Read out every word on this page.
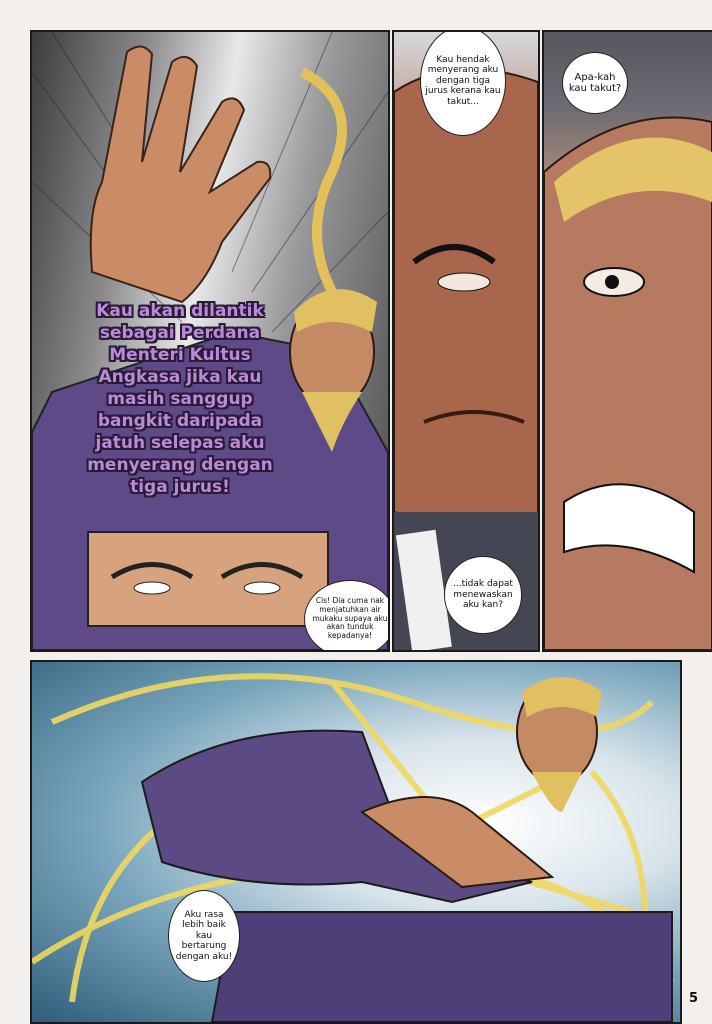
Kau akan dilantik sebagai Perdana Menteri Kultus Angkasa jika kau masih sanggup bangkit daripada jatuh selepas aku menyerang dengan tiga jurus!
Cis! Dia cuma nak menjatuhkan air mukaku supaya aku akan tunduk kepadanya!
Kau hendak menyerang aku dengan tiga jurus kerana kau takut...
...tidak dapat menewaskan aku kan?
Apa-kah kau takut?
Aku rasa lebih baik kau bertarung dengan aku!
5
